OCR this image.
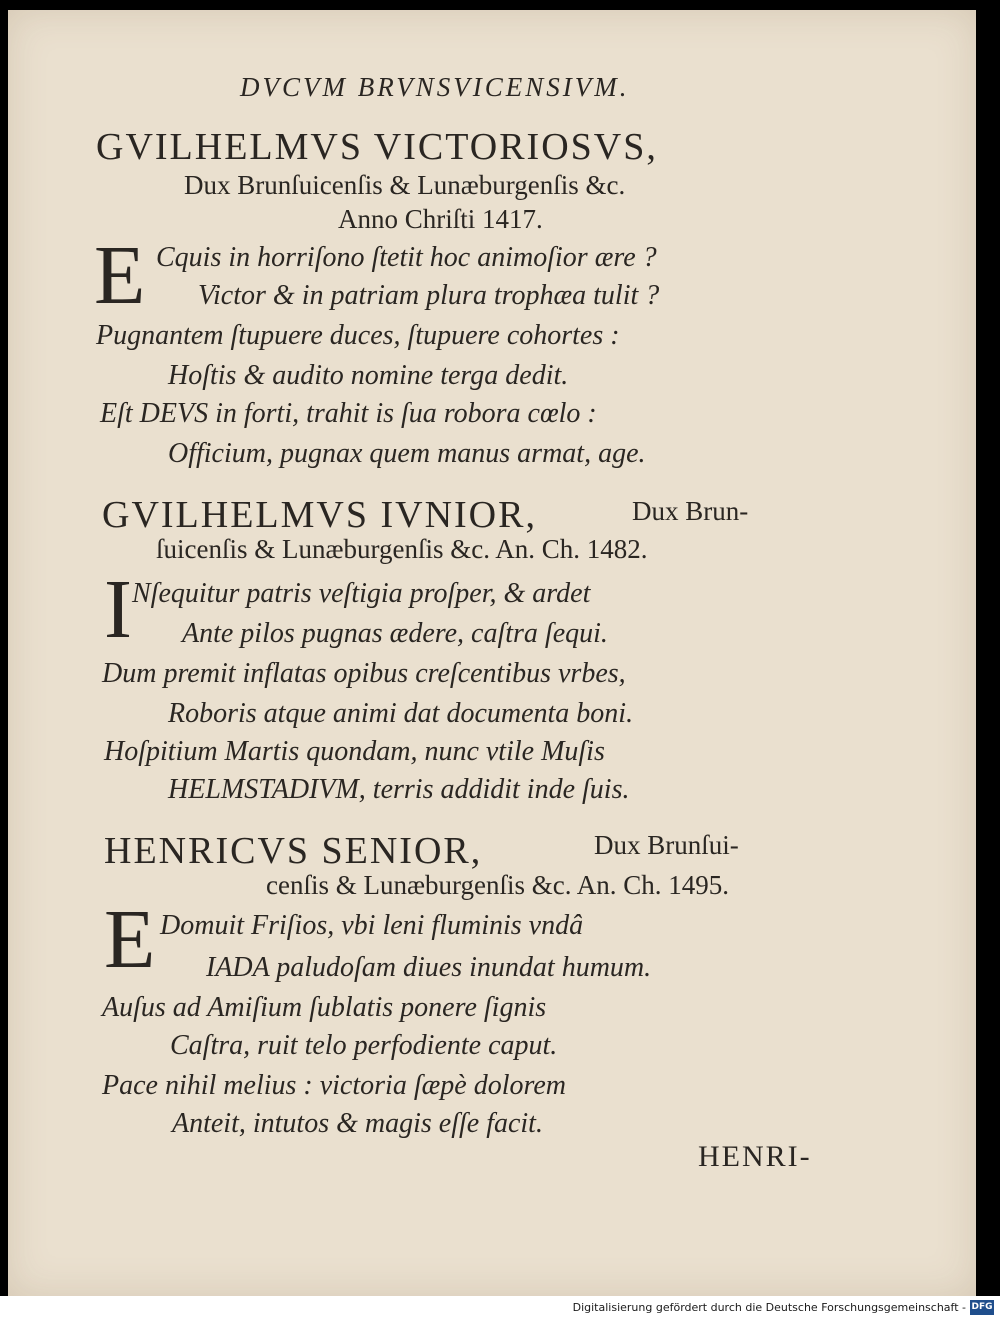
DVCVM BRVNSVICENSIVM.
GVILHELMVS VICTORIOSVS,
Dux Brunſuicenſis & Lunæburgenſis &c.
Anno Chriſti 1417.
E Cquis in horriſono ſtetit hoc animoſior ære ?
Victor & in patriam plura trophæa tulit ?
Pugnantem ſtupuere duces, ſtupuere cohortes :
Hoſtis & audito nomine terga dedit.
Eſt DEVS in forti, trahit is ſua robora cœlo :
Officium, pugnax quem manus armat, age.
GVILHELMVS IVNIOR,	Dux Brun-
ſuicenſis & Lunæburgenſis &c. An. Ch. 1482.
I Nſequitur patris veſtigia proſper, & ardet
Ante pilos pugnas ædere, caſtra ſequi.
Dum premit inflatas opibus creſcentibus vrbes,
Roboris atque animi dat documenta boni.
Hoſpitium Martis quondam, nunc vtile Muſis
HELMSTADIVM, terris addidit inde ſuis.
HENRICVS SENIOR,	Dux Brunſui-
cenſis & Lunæburgenſis &c. An. Ch. 1495.
E Domuit Friſios, vbi leni fluminis vndâ
IADA paludoſam diues inundat humum.
Auſus ad Amiſium ſublatis ponere ſignis
Caſtra, ruit telo perfodiente caput.
Pace nihil melius : victoria ſæpè dolorem
Anteit, intutos & magis eſſe facit.
HENRI-
Digitalisierung gefördert durch die Deutsche Forschungsgemeinschaft - DFG
